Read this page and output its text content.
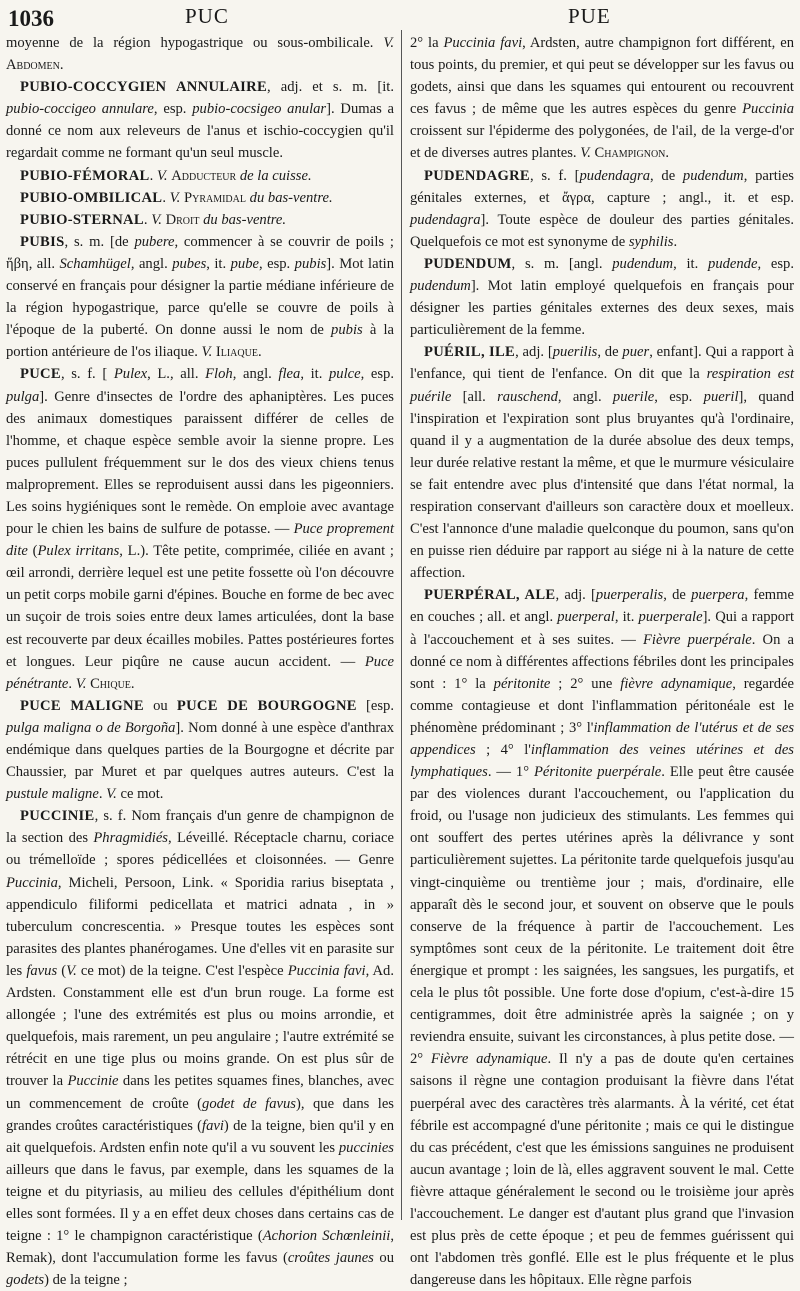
1036	PUC	PUE

moyenne de la région hypogastrique ou sous-ombilicale. V. Abdomen.

PUBIO-COCCYGIEN ANNULAIRE, adj. et s. m. [it. pubio-coccigeo annulare, esp. pubio-cocsigeo anular]. Dumas a donné ce nom aux releveurs de l'anus et ischio-coccygien qu'il regardait comme ne formant qu'un seul muscle.

PUBIO-FÉMORAL. V. Adducteur de la cuisse.

PUBIO-OMBILICAL. V. Pyramidal du bas-ventre.

PUBIO-STERNAL. V. Droit du bas-ventre.

PUBIS, s. m. [de pubere, commencer à se couvrir de poils ; ἥβη, all. Schamhügel, angl. pubes, it. pube, esp. pubis]. Mot latin conservé en français pour désigner la partie médiane inférieure de la région hypogastrique, parce qu'elle se couvre de poils à l'époque de la puberté. On donne aussi le nom de pubis à la portion antérieure de l'os iliaque. V. Iliaque.

PUCE, s. f. [ Pulex, L., all. Floh, angl. flea, it. pulce, esp. pulga]. Genre d'insectes de l'ordre des aphaniptères. Les puces des animaux domestiques paraissent différer de celles de l'homme, et chaque espèce semble avoir la sienne propre. Les puces pullulent fréquemment sur le dos des vieux chiens tenus malproprement. Elles se reproduisent aussi dans les pigeonniers. Les soins hygiéniques sont le remède. On emploie avec avantage pour le chien les bains de sulfure de potasse. — Puce proprement dite (Pulex irritans, L.). Tête petite, comprimée, ciliée en avant ; œil arrondi, derrière lequel est une petite fossette où l'on découvre un petit corps mobile garni d'épines. Bouche en forme de bec avec un suçoir de trois soies entre deux lames articulées, dont la base est recouverte par deux écailles mobiles. Pattes postérieures fortes et longues. Leur piqûre ne cause aucun accident. — Puce pénétrante. V. Chique.

PUCE MALIGNE ou PUCE DE BOURGOGNE [esp. pulga maligna o de Borgoña]. Nom donné à une espèce d'anthrax endémique dans quelques parties de la Bourgogne et décrite par Chaussier, par Muret et par quelques autres auteurs. C'est la pustule maligne. V. ce mot.

PUCCINIE, s. f. Nom français d'un genre de champignon de la section des Phragmidiés, Léveillé. Réceptacle charnu, coriace ou trémelloïde ; spores pédicellées et cloisonnées. — Genre Puccinia, Micheli, Persoon, Link. « Sporidia rarius biseptata , appendiculo filiformi pedicellata et matrici adnata , in » tuberculum concrescentia. » Presque toutes les espèces sont parasites des plantes phanérogames. Une d'elles vit en parasite sur les favus (V. ce mot) de la teigne. C'est l'espèce Puccinia favi, Ad. Ardsten. Constamment elle est d'un brun rouge. La forme est allongée ; l'une des extrémités est plus ou moins arrondie, et quelquefois, mais rarement, un peu angulaire ; l'autre extrémité se rétrécit en une tige plus ou moins grande. On est plus sûr de trouver la Puccinie dans les petites squames fines, blanches, avec un commencement de croûte (godet de favus), que dans les grandes croûtes caractéristiques (favi) de la teigne, bien qu'il y en ait quelquefois. Ardsten enfin note qu'il a vu souvent les puccinies ailleurs que dans le favus, par exemple, dans les squames de la teigne et du pityriasis, au milieu des cellules d'épithélium dont elles sont formées. Il y a en effet deux choses dans certains cas de teigne : 1° le champignon caractéristique (Achorion Schœnleinii, Remak), dont l'accumulation forme les favus (croûtes jaunes ou godets) de la teigne ;

2° la Puccinia favi, Ardsten, autre champignon fort différent, en tous points, du premier, et qui peut se développer sur les favus ou godets, ainsi que dans les squames qui entourent ou recouvrent ces favus ; de même que les autres espèces du genre Puccinia croissent sur l'épiderme des polygonées, de l'ail, de la verge-d'or et de diverses autres plantes. V. Champignon.

PUDENDAGRE, s. f. [pudendagra, de pudendum, parties génitales externes, et ἄγρα, capture ; angl., it. et esp. pudendagra]. Toute espèce de douleur des parties génitales. Quelquefois ce mot est synonyme de syphilis.

PUDENDUM, s. m. [angl. pudendum, it. pudende, esp. pudendum]. Mot latin employé quelquefois en français pour désigner les parties génitales externes des deux sexes, mais particulièrement de la femme.

PUÉRIL, ILE, adj. [puerilis, de puer, enfant]. Qui a rapport à l'enfance, qui tient de l'enfance. On dit que la respiration est puérile [all. rauschend, angl. puerile, esp. pueril], quand l'inspiration et l'expiration sont plus bruyantes qu'à l'ordinaire, quand il y a augmentation de la durée absolue des deux temps, leur durée relative restant la même, et que le murmure vésiculaire se fait entendre avec plus d'intensité que dans l'état normal, la respiration conservant d'ailleurs son caractère doux et moelleux. C'est l'annonce d'une maladie quelconque du poumon, sans qu'on en puisse rien déduire par rapport au siége ni à la nature de cette affection.

PUERPÉRAL, ALE, adj. [puerperalis, de puerpera, femme en couches ; all. et angl. puerperal, it. puerperale]. Qui a rapport à l'accouchement et à ses suites. — Fièvre puerpérale. On a donné ce nom à différentes affections fébriles dont les principales sont : 1° la péritonite ; 2° une fièvre adynamique, regardée comme contagieuse et dont l'inflammation péritonéale est le phénomène prédominant ; 3° l'inflammation de l'utérus et de ses appendices ; 4° l'inflammation des veines utérines et des lymphatiques. — 1° Péritonite puerpérale. Elle peut être causée par des violences durant l'accouchement, ou l'application du froid, ou l'usage non judicieux des stimulants. Les femmes qui ont souffert des pertes utérines après la délivrance y sont particulièrement sujettes. La péritonite tarde quelquefois jusqu'au vingt-cinquième ou trentième jour ; mais, d'ordinaire, elle apparaît dès le second jour, et souvent on observe que le pouls conserve de la fréquence à partir de l'accouchement. Les symptômes sont ceux de la péritonite. Le traitement doit être énergique et prompt : les saignées, les sangsues, les purgatifs, et cela le plus tôt possible. Une forte dose d'opium, c'est-à-dire 15 centigrammes, doit être administrée après la saignée ; on y reviendra ensuite, suivant les circonstances, à plus petite dose. — 2° Fièvre adynamique. Il n'y a pas de doute qu'en certaines saisons il règne une contagion produisant la fièvre dans l'état puerpéral avec des caractères très alarmants. À la vérité, cet état fébrile est accompagné d'une péritonite ; mais ce qui le distingue du cas précédent, c'est que les émissions sanguines ne produisent aucun avantage ; loin de là, elles aggravent souvent le mal. Cette fièvre attaque généralement le second ou le troisième jour après l'accouchement. Le danger est d'autant plus grand que l'invasion est plus près de cette époque ; et peu de femmes guérissent qui ont l'abdomen très gonflé. Elle est le plus fréquente et le plus dangereuse dans les hôpitaux. Elle règne parfois
